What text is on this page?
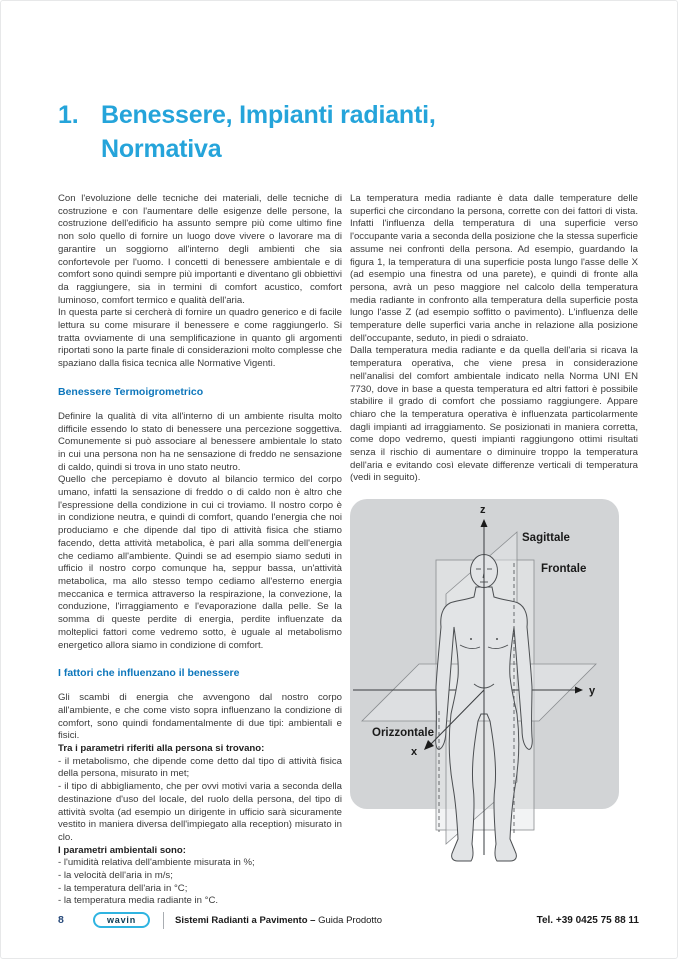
1. Benessere, Impianti radianti,
Normativa

Con l'evoluzione delle tecniche dei materiali, delle tecniche di costruzione e con l'aumentare delle esigenze delle persone, la costruzione dell'edificio ha assunto sempre più come ultimo fine non solo quello di fornire un luogo dove vivere o lavorare ma di garantire un soggiorno all'interno degli ambienti che sia confortevole per l'uomo. I concetti di benessere ambientale e di comfort sono quindi sempre più importanti e diventano gli obbiettivi da raggiungere, sia in termini di comfort acustico, comfort luminoso, comfort termico e qualità dell'aria.

In questa parte si cercherà di fornire un quadro generico e di facile lettura su come misurare il benessere e come raggiungerlo. Si tratta ovviamente di una semplificazione in quanto gli argomenti riportati sono la parte finale di considerazioni molto complesse che spaziano dalla fisica tecnica alle Normative Vigenti.

Benessere Termoigrometrico

Definire la qualità di vita all'interno di un ambiente risulta molto difficile essendo lo stato di benessere una percezione soggettiva. Comunemente si può associare al benessere ambientale lo stato in cui una persona non ha ne sensazione di freddo ne sensazione di caldo, quindi si trova in uno stato neutro.

Quello che percepiamo è dovuto al bilancio termico del corpo umano, infatti la sensazione di freddo o di caldo non è altro che l'espressione della condizione in cui ci troviamo. Il nostro corpo è in condizione neutra, e quindi di comfort, quando l'energia che noi produciamo e che dipende dal tipo di attività fisica che stiamo facendo, detta attività metabolica, è pari alla somma dell'energia che cediamo all'ambiente. Quindi se ad esempio siamo seduti in ufficio il nostro corpo comunque ha, seppur bassa, un'attività metabolica, ma allo stesso tempo cediamo all'esterno energia meccanica e termica attraverso la respirazione, la convezione, la conduzione, l'irraggiamento e l'evaporazione dalla pelle. Se la somma di queste perdite di energia, perdite influenzate da molteplici fattori come vedremo sotto, è uguale al metabolismo energetico allora siamo in condizione di comfort.

I fattori che influenzano il benessere

Gli scambi di energia che avvengono dal nostro corpo all'ambiente, e che come visto sopra influenzano la condizione di comfort, sono quindi fondamentalmente di due tipi: ambientali e fisici.

Tra i parametri riferiti alla persona si trovano:

- il metabolismo, che dipende come detto dal tipo di attività fisica della persona, misurato in met;

- il tipo di abbigliamento, che per ovvi motivi varia a seconda della destinazione d'uso del locale, del ruolo della persona, del tipo di attività svolta (ad esempio un dirigente in ufficio sarà sicuramente vestito in maniera diversa dell'impiegato alla reception) misurato in clo.

I parametri ambientali sono:

- l'umidità relativa dell'ambiente misurata in %;

- la velocità dell'aria in m/s;

- la temperatura dell'aria in °C;

- la temperatura media radiante in °C.

La temperatura media radiante è data dalle temperature delle superfici che circondano la persona, corrette con dei fattori di vista. Infatti l'influenza della temperatura di una superficie verso l'occupante varia a seconda della posizione che la stessa superficie assume nei confronti della persona. Ad esempio, guardando la figura 1, la temperatura di una superficie posta lungo l'asse delle X (ad esempio una finestra od una parete), e quindi di fronte alla persona, avrà un peso maggiore nel calcolo della temperatura media radiante in confronto alla temperatura della superficie posta lungo l'asse Z (ad esempio soffitto o pavimento). L'influenza delle temperature delle superfici varia anche in relazione alla posizione dell'occupante, seduto, in piedi o sdraiato.

Dalla temperatura media radiante e da quella dell'aria si ricava la temperatura operativa, che viene presa in considerazione nell'analisi del comfort ambientale indicato nella Norma UNI EN 7730, dove in base a questa temperatura ed altri fattori è possibile stabilire il grado di comfort che possiamo raggiungere. Appare chiaro che la temperatura operativa è influenzata particolarmente dagli impianti ad irraggiamento. Se posizionati in maniera corretta, come dopo vedremo, questi impianti raggiungono ottimi risultati senza il rischio di aumentare o diminuire troppo la temperatura dell'aria e evitando così elevate differenze verticali di temperatura (vedi in seguito).

z
y
x
Sagittale
Frontale
Orizzontale
8	wavin	Sistemi Radianti a Pavimento – Guida Prodotto	Tel. +39 0425 75 88 11
